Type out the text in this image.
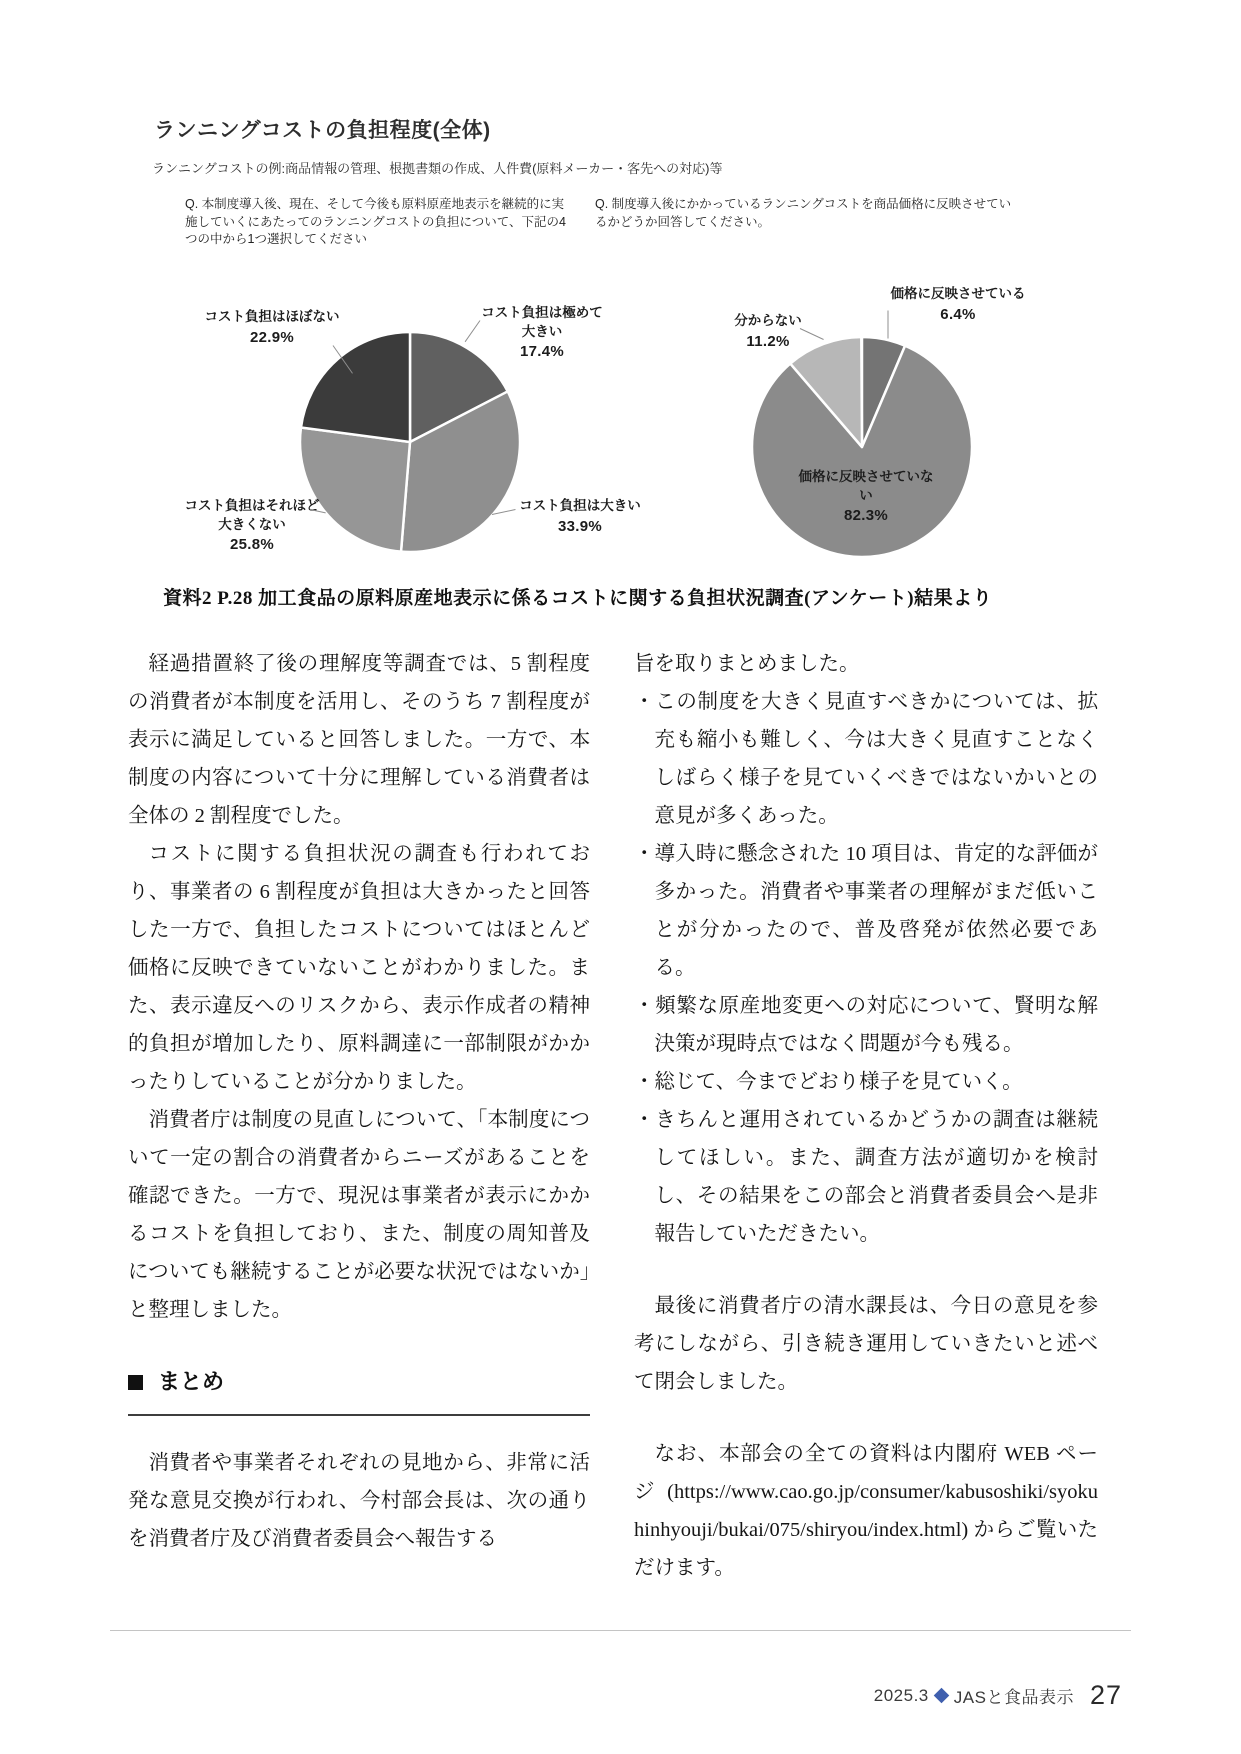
ランニングコストの負担程度(全体)
ランニングコストの例:商品情報の管理、根拠書類の作成、人件費(原料メーカー・客先への対応)等
Q. 本制度導入後、現在、そして今後も原料原産地表示を継続的に実施していくにあたってのランニングコストの負担について、下記の4つの中から1つ選択してください
Q. 制度導入後にかかっているランニングコストを商品価格に反映させているかどうか回答してください。
コスト負担はほぼない
22.9%
コスト負担は極めて大きい
17.4%
コスト負担はそれほど大きくない
25.8%
コスト負担は大きい
33.9%
価格に反映させている
6.4%
分からない
11.2%
価格に反映させていない
82.3%
資料2 P.28 加工食品の原料原産地表示に係るコストに関する負担状況調査(アンケート)結果より

経過措置終了後の理解度等調査では、5 割程度の消費者が本制度を活用し、そのうち 7 割程度が表示に満足していると回答しました。一方で、本制度の内容について十分に理解している消費者は全体の 2 割程度でした。

コストに関する負担状況の調査も行われており、事業者の 6 割程度が負担は大きかったと回答した一方で、負担したコストについてはほとんど価格に反映できていないことがわかりました。また、表示違反へのリスクから、表示作成者の精神的負担が増加したり、原料調達に一部制限がかかったりしていることが分かりました。

消費者庁は制度の見直しについて、「本制度について一定の割合の消費者からニーズがあることを確認できた。一方で、現況は事業者が表示にかかるコストを負担しており、また、制度の周知普及についても継続することが必要な状況ではないか」と整理しました。

まとめ

消費者や事業者それぞれの見地から、非常に活発な意見交換が行われ、今村部会長は、次の通りを消費者庁及び消費者委員会へ報告する

旨を取りまとめました。

・この制度を大きく見直すべきかについては、拡充も縮小も難しく、今は大きく見直すことなくしばらく様子を見ていくべきではないかいとの意見が多くあった。

・導入時に懸念された 10 項目は、肯定的な評価が多かった。消費者や事業者の理解がまだ低いことが分かったので、普及啓発が依然必要である。

・頻繁な原産地変更への対応について、賢明な解決策が現時点ではなく問題が今も残る。

・総じて、今までどおり様子を見ていく。

・きちんと運用されているかどうかの調査は継続してほしい。また、調査方法が適切かを検討し、その結果をこの部会と消費者委員会へ是非報告していただきたい。

最後に消費者庁の清水課長は、今日の意見を参考にしながら、引き続き運用していきたいと述べて閉会しました。

なお、本部会の全ての資料は内閣府 WEB ページ (https://www.cao.go.jp/consumer/kabusoshiki/syokuhinhyouji/bukai/075/shiryou/index.html) からご覧いただけます。

2025.3 JASと食品表示 27
